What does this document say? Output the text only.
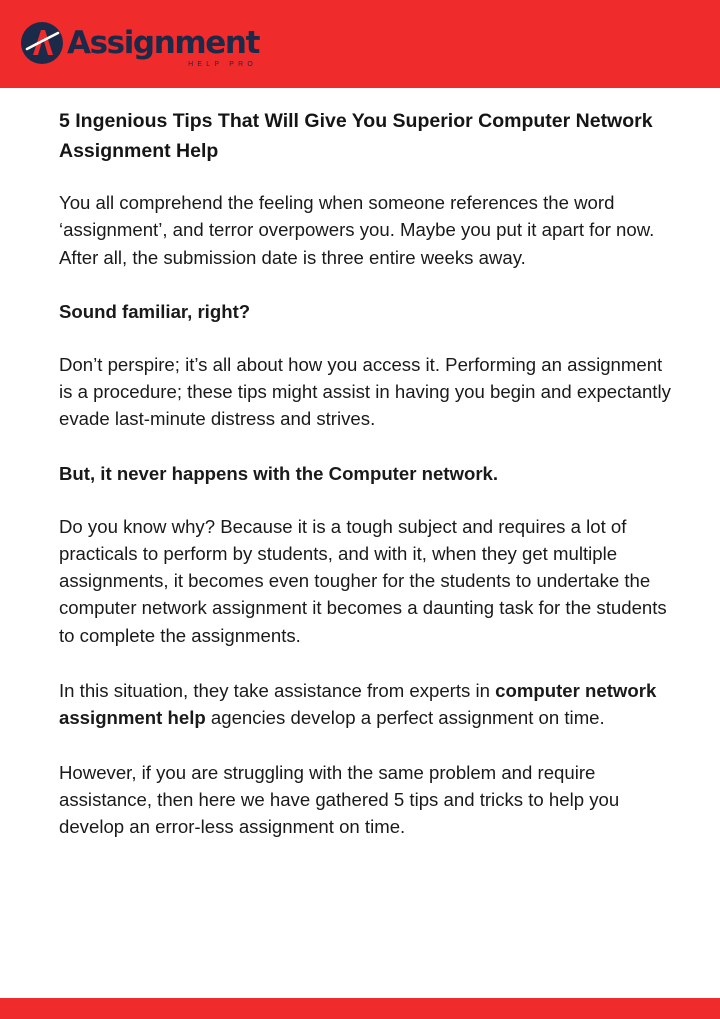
Assignment
HELP PRO
5 Ingenious Tips That Will Give You Superior Computer Network Assignment Help

You all comprehend the feeling when someone references the word ‘assignment’, and terror overpowers you. Maybe you put it apart for now. After all, the submission date is three entire weeks away.

Sound familiar, right?

Don’t perspire; it’s all about how you access it. Performing an assignment is a procedure; these tips might assist in having you begin and expectantly evade last-minute distress and strives.

But, it never happens with the Computer network.

Do you know why? Because it is a tough subject and requires a lot of practicals to perform by students, and with it, when they get multiple assignments, it becomes even tougher for the students to undertake the computer network assignment it becomes a daunting task for the students to complete the assignments.

In this situation, they take assistance from experts in computer network assignment help agencies develop a perfect assignment on time.

However, if you are struggling with the same problem and require assistance, then here we have gathered 5 tips and tricks to help you develop an error-less assignment on time.
